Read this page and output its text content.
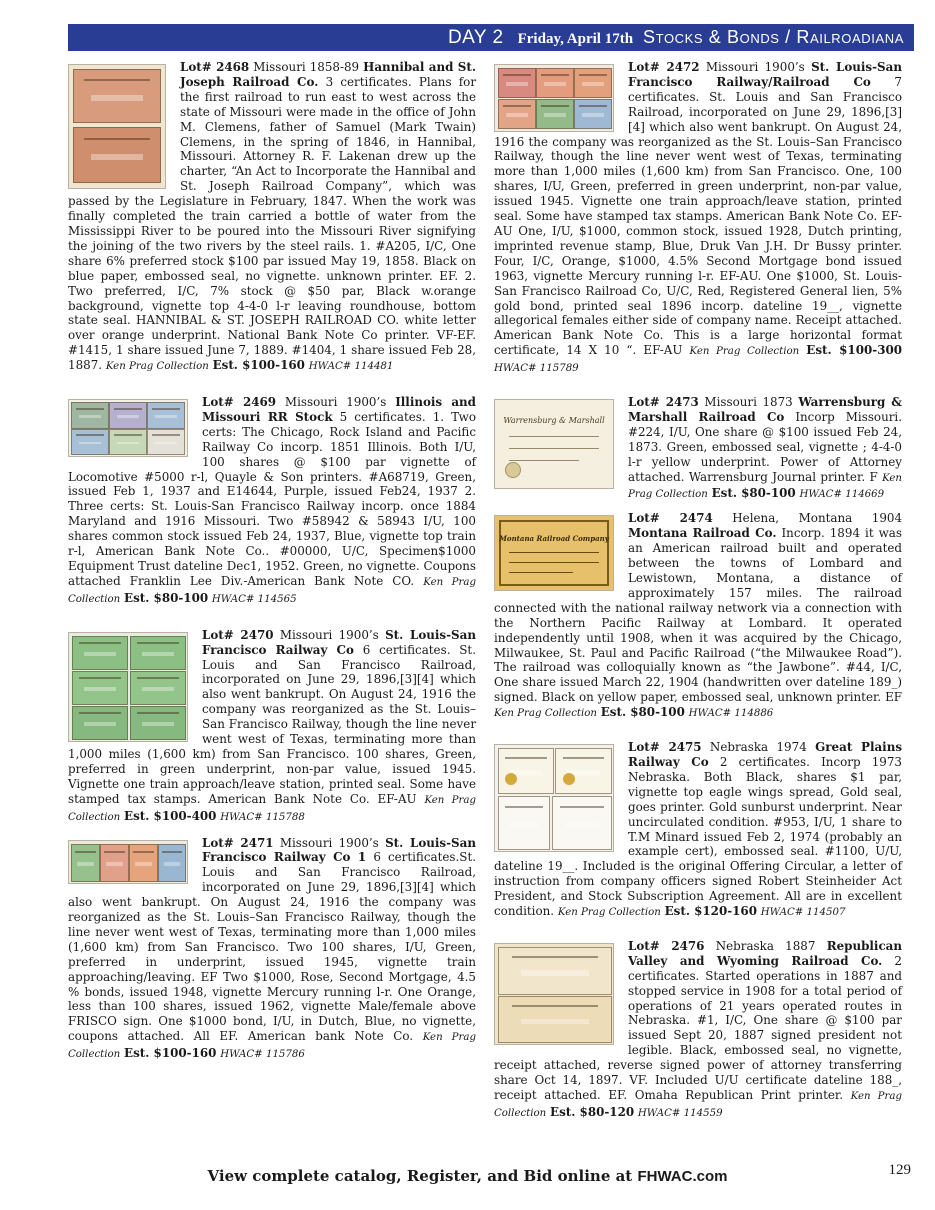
DAY 2 Friday, April 17th Stocks & Bonds / Railroadiana
Lot# 2468 Missouri 1858-89 Hannibal and St. Joseph Railroad Co. 3 certificates. Plans for the first railroad to run east to west across the state of Missouri were made in the office of John M. Clemens, father of Samuel (Mark Twain) Clemens, in the spring of 1846, in Hannibal, Missouri. Attorney R. F. Lakenan drew up the charter, “An Act to Incorporate the Hannibal and St. Joseph Railroad Company”, which was passed by the Legislature in February, 1847. When the work was finally completed the train carried a bottle of water from the Mississippi River to be poured into the Missouri River signifying the joining of the two rivers by the steel rails. 1. #A205, I/C, One share 6% preferred stock $100 par issued May 19, 1858. Black on blue paper, embossed seal, no vignette. unknown printer. EF. 2. Two preferred, I/C, 7% stock @ $50 par, Black w.orange background, vignette top 4-4-0 l-r leaving roundhouse, bottom state seal. HANNIBAL & ST. JOSEPH RAILROAD CO. white letter over orange underprint. National Bank Note Co printer. VF-EF. #1415, 1 share issued June 7, 1889. #1404, 1 share issued Feb 28, 1887. Ken Prag Collection Est. $100-160 HWAC# 114481
Lot# 2469 Missouri 1900’s Illinois and Missouri RR Stock 5 certificates. 1. Two certs: The Chicago, Rock Island and Pacific Railway Co incorp. 1851 Illinois. Both I/U, 100 shares @ $100 par vignette of Locomotive #5000 r-l, Quayle & Son printers. #A68719, Green, issued Feb 1, 1937 and E14644, Purple, issued Feb24, 1937 2. Three certs: St. Louis-San Francisco Railway incorp. once 1884 Maryland and 1916 Missouri. Two #58942 & 58943 I/U, 100 shares common stock issued Feb 24, 1937, Blue, vignette top train r-l, American Bank Note Co.. #00000, U/C, Specimen$1000 Equipment Trust dateline Dec1, 1952. Green, no vignette. Coupons attached Franklin Lee Div.-American Bank Note CO. Ken Prag Collection Est. $80-100 HWAC# 114565
Lot# 2470 Missouri 1900’s St. Louis-San Francisco Railway Co 6 certificates. St. Louis and San Francisco Railroad, incorporated on June 29, 1896,[3][4] which also went bankrupt. On August 24, 1916 the company was reorganized as the St. Louis–San Francisco Railway, though the line never went west of Texas, terminating more than 1,000 miles (1,600 km) from San Francisco. 100 shares, Green, preferred in green underprint, non-par value, issued 1945. Vignette one train approach/leave station, printed seal. Some have stamped tax stamps. American Bank Note Co. EF-AU Ken Prag Collection Est. $100-400 HWAC# 115788
Lot# 2471 Missouri 1900’s St. Louis-San Francisco Railway Co 1 6 certificates.St. Louis and San Francisco Railroad, incorporated on June 29, 1896,[3][4] which also went bankrupt. On August 24, 1916 the company was reorganized as the St. Louis–San Francisco Railway, though the line never went west of Texas, terminating more than 1,000 miles (1,600 km) from San Francisco. Two 100 shares, I/U, Green, preferred in underprint, issued 1945, vignette train approaching/leaving. EF Two $1000, Rose, Second Mortgage, 4.5 % bonds, issued 1948, vignette Mercury running l-r. One Orange, less than 100 shares, issued 1962, vignette Male/female above FRISCO sign. One $1000 bond, I/U, in Dutch, Blue, no vignette, coupons attached. All EF. American bank Note Co. Ken Prag Collection Est. $100-160 HWAC# 115786
Lot# 2472 Missouri 1900’s St. Louis-San Francisco Railway/Railroad Co 7 certificates. St. Louis and San Francisco Railroad, incorporated on June 29, 1896,[3][4] which also went bankrupt. On August 24, 1916 the company was reorganized as the St. Louis–San Francisco Railway, though the line never went west of Texas, terminating more than 1,000 miles (1,600 km) from San Francisco. One, 100 shares, I/U, Green, preferred in green underprint, non-par value, issued 1945. Vignette one train approach/leave station, printed seal. Some have stamped tax stamps. American Bank Note Co. EF-AU One, I/U, $1000, common stock, issued 1928, Dutch printing, imprinted revenue stamp, Blue, Druk Van J.H. Dr Bussy printer. Four, I/C, Orange, $1000, 4.5% Second Mortgage bond issued 1963, vignette Mercury running l-r. EF-AU. One $1000, St. Louis-San Francisco Railroad Co, U/C, Red, Registered General lien, 5% gold bond, printed seal 1896 incorp. dateline 19__, vignette allegorical females either side of company name. Receipt attached. American Bank Note Co. This is a large horizontal format certificate, 14 X 10 “. EF-AU Ken Prag Collection Est. $100-300 HWAC# 115789
Warrensburg & Marshall
Lot# 2473 Missouri 1873 Warrensburg & Marshall Railroad Co Incorp Missouri. #224, I/U, One share @ $100 issued Feb 24, 1873. Green, embossed seal, vignette ; 4-4-0 l-r yellow underprint. Power of Attorney attached. Warrensburg Journal printer. F Ken Prag Collection Est. $80-100 HWAC# 114669
Montana Railroad Company
Lot# 2474 Helena, Montana 1904 Montana Railroad Co. Incorp. 1894 it was an American railroad built and operated between the towns of Lombard and Lewistown, Montana, a distance of approximately 157 miles. The railroad connected with the national railway network via a connection with the Northern Pacific Railway at Lombard. It operated independently until 1908, when it was acquired by the Chicago, Milwaukee, St. Paul and Pacific Railroad (“the Milwaukee Road”). The railroad was colloquially known as “the Jawbone”. #44, I/C, One share issued March 22, 1904 (handwritten over dateline 189_) signed. Black on yellow paper, embossed seal, unknown printer. EF Ken Prag Collection Est. $80-100 HWAC# 114886
Lot# 2475 Nebraska 1974 Great Plains Railway Co 2 certificates. Incorp 1973 Nebraska. Both Black, shares $1 par, vignette top eagle wings spread, Gold seal, goes printer. Gold sunburst underprint. Near uncirculated condition. #953, I/U, 1 share to T.M Minard issued Feb 2, 1974 (probably an example cert), embossed seal. #1100, U/U, dateline 19__. Included is the original Offering Circular, a letter of instruction from company officers signed Robert Steinheider Act President, and Stock Subscription Agreement. All are in excellent condition. Ken Prag Collection Est. $120-160 HWAC# 114507
Lot# 2476 Nebraska 1887 Republican Valley and Wyoming Railroad Co. 2 certificates. Started operations in 1887 and stopped service in 1908 for a total period of operations of 21 years operated routes in Nebraska. #1, I/C, One share @ $100 par issued Sept 20, 1887 signed president not legible. Black, embossed seal, no vignette, receipt attached, reverse signed power of attorney transferring share Oct 14, 1897. VF. Included U/U certificate dateline 188_, receipt attached. EF. Omaha Republican Print printer. Ken Prag Collection Est. $80-120 HWAC# 114559
View complete catalog, Register, and Bid online at FHWAC.com	129
